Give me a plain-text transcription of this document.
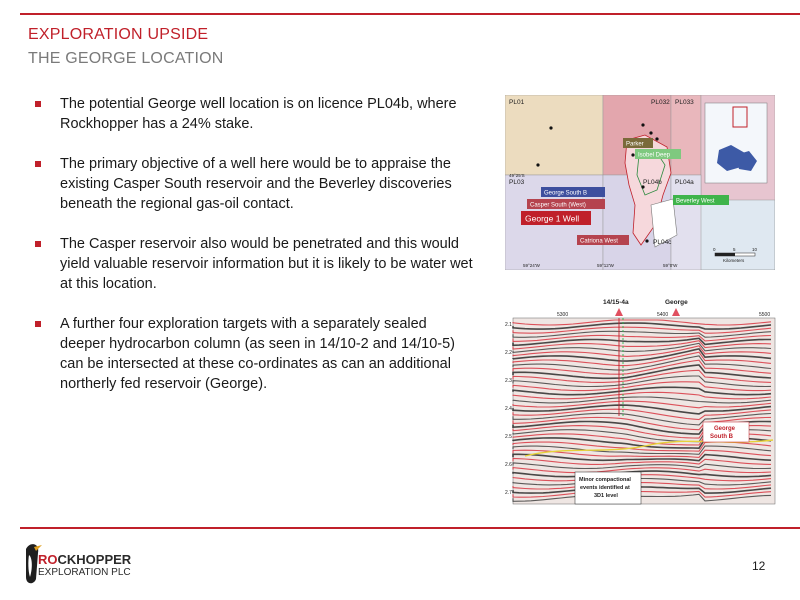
EXPLORATION UPSIDE
THE GEORGE LOCATION
The potential George well location is on licence PL04b, where Rockhopper has a 24% stake.
The primary objective of a well here would be to appraise the existing Casper South reservoir and the Beverley discoveries beneath the regional gas-oil contact.
The Casper reservoir also would be penetrated and this would yield valuable reservoir information but it is likely to be water wet at this location.
A further four exploration targets with a separately sealed deeper hydrocarbon column (as seen in 14/10-2 and 14/10-5) can be intersected at these co-ordinates as can an additional northerly fed reservoir (George).
PL01	PL032 PL033
PL03	PL04b PL04a
PL04c
49°25'S
59°24'W	59°12'W	59°0'W
Parker
Isobel Deep
George South B
Casper South (West)
George 1 Well
Beverley West
Catriona West
0	5	10
Kilometers
2.1
2.2
2.3
2.4
2.5
2.6
2.7
5300	5400	5500
14/15-4a	George
George
South B
Minor compactional
events identified at
3D1 level
ROCKHOPPER
EXPLORATION PLC	12
